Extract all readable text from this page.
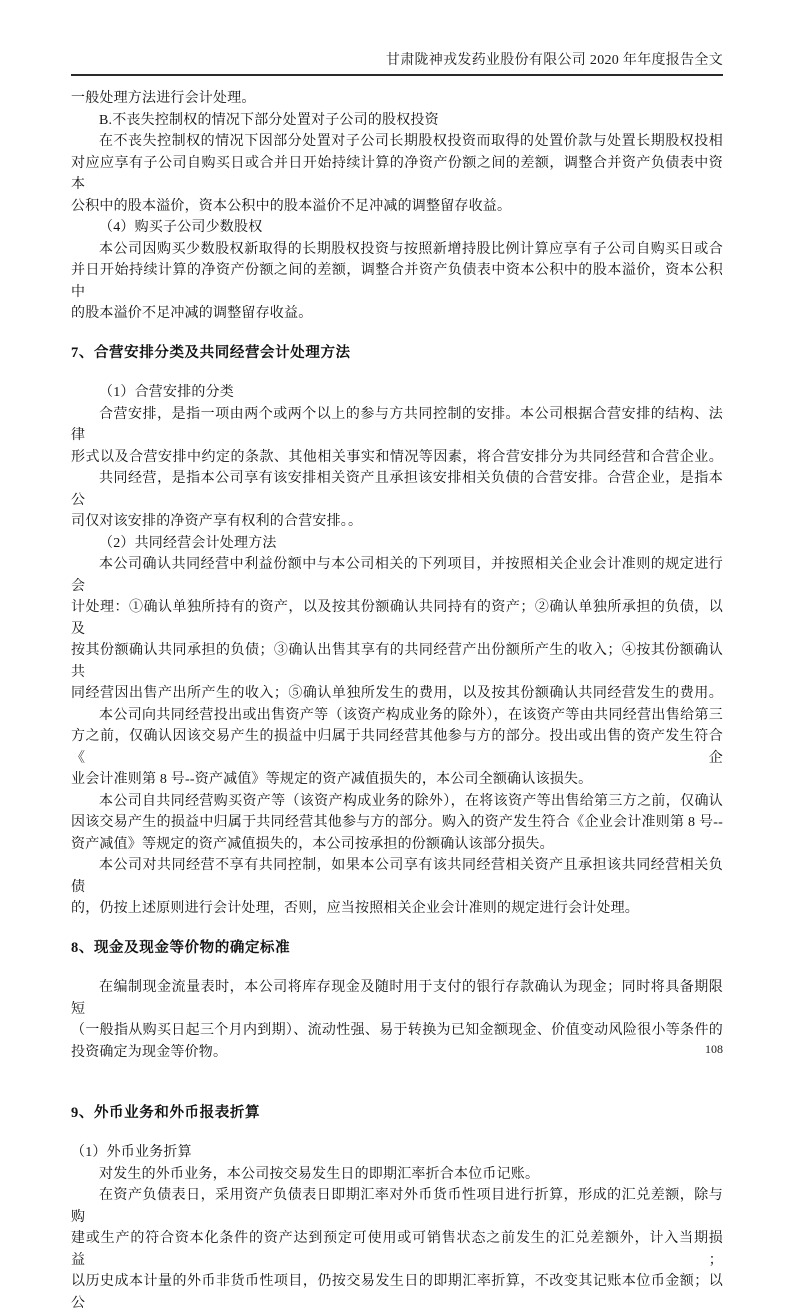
甘肃陇神戎发药业股份有限公司 2020 年年度报告全文
一般处理方法进行会计处理。
B.不丧失控制权的情况下部分处置对子公司的股权投资
在不丧失控制权的情况下因部分处置对子公司长期股权投资而取得的处置价款与处置长期股权投相
对应应享有子公司自购买日或合并日开始持续计算的净资产份额之间的差额，调整合并资产负债表中资本
公积中的股本溢价，资本公积中的股本溢价不足冲减的调整留存收益。
（4）购买子公司少数股权
本公司因购买少数股权新取得的长期股权投资与按照新增持股比例计算应享有子公司自购买日或合
并日开始持续计算的净资产份额之间的差额，调整合并资产负债表中资本公积中的股本溢价，资本公积中
的股本溢价不足冲减的调整留存收益。
7、合营安排分类及共同经营会计处理方法
（1）合营安排的分类
合营安排，是指一项由两个或两个以上的参与方共同控制的安排。本公司根据合营安排的结构、法律
形式以及合营安排中约定的条款、其他相关事实和情况等因素，将合营安排分为共同经营和合营企业。
共同经营，是指本公司享有该安排相关资产且承担该安排相关负债的合营安排。合营企业，是指本公
司仅对该安排的净资产享有权利的合营安排。。
（2）共同经营会计处理方法
本公司确认共同经营中利益份额中与本公司相关的下列项目，并按照相关企业会计准则的规定进行会
计处理：①确认单独所持有的资产，以及按其份额确认共同持有的资产；②确认单独所承担的负债，以及
按其份额确认共同承担的负债；③确认出售其享有的共同经营产出份额所产生的收入；④按其份额确认共
同经营因出售产出所产生的收入；⑤确认单独所发生的费用，以及按其份额确认共同经营发生的费用。
本公司向共同经营投出或出售资产等（该资产构成业务的除外），在该资产等由共同经营出售给第三
方之前，仅确认因该交易产生的损益中归属于共同经营其他参与方的部分。投出或出售的资产发生符合《企
业会计准则第 8 号--资产减值》等规定的资产减值损失的，本公司全额确认该损失。
本公司自共同经营购买资产等（该资产构成业务的除外），在将该资产等出售给第三方之前，仅确认
因该交易产生的损益中归属于共同经营其他参与方的部分。购入的资产发生符合《企业会计准则第 8 号--
资产减值》等规定的资产减值损失的，本公司按承担的份额确认该部分损失。
本公司对共同经营不享有共同控制，如果本公司享有该共同经营相关资产且承担该共同经营相关负债
的，仍按上述原则进行会计处理，否则，应当按照相关企业会计准则的规定进行会计处理。
8、现金及现金等价物的确定标准
在编制现金流量表时，本公司将库存现金及随时用于支付的银行存款确认为现金；同时将具备期限短
（一般指从购买日起三个月内到期）、流动性强、易于转换为已知金额现金、价值变动风险很小等条件的
投资确定为现金等价物。
9、外币业务和外币报表折算
（1）外币业务折算
对发生的外币业务，本公司按交易发生日的即期汇率折合本位币记账。
在资产负债表日，采用资产负债表日即期汇率对外币货币性项目进行折算，形成的汇兑差额，除与购
建或生产的符合资本化条件的资产达到预定可使用或可销售状态之前发生的汇兑差额外，计入当期损益；
以历史成本计量的外币非货币性项目，仍按交易发生日的即期汇率折算，不改变其记账本位币金额；以公
108
